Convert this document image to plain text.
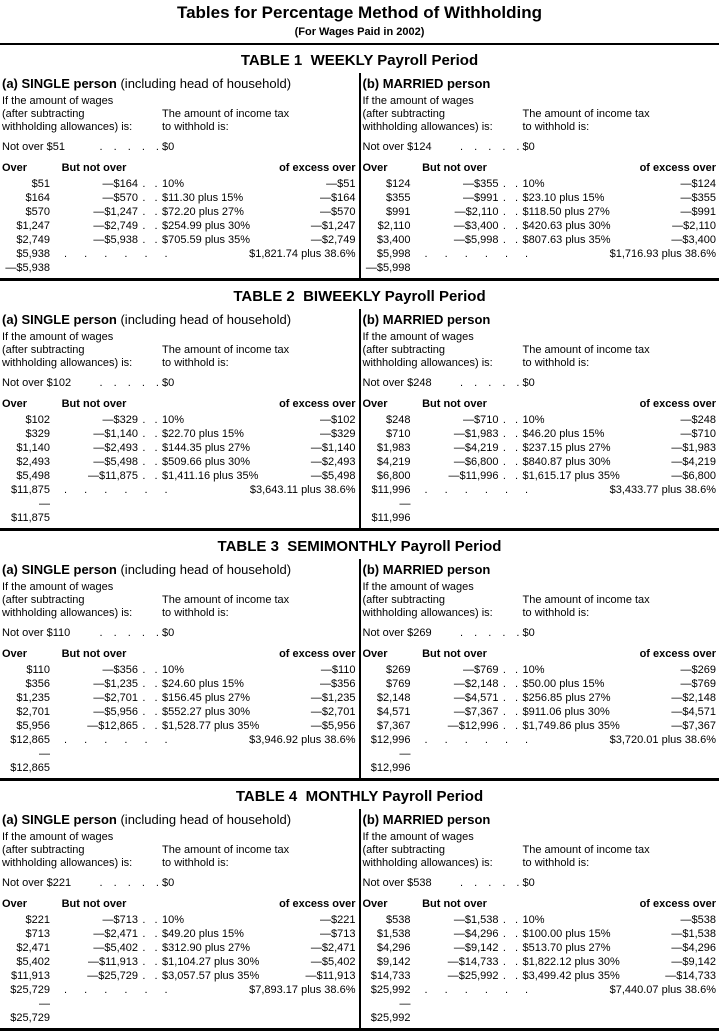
Tables for Percentage Method of Withholding
(For Wages Paid in 2002)
TABLE 1  WEEKLY Payroll Period
(a) SINGLE person (including head of household)
If the amount of wages
(after subtracting
withholding allowances) is:
The amount of income tax
to withhold is:
Not over $51	. . . . . $0
Over	But not over	of excess over
$51	—$164 . . 10%	—$51
$164	—$570 . . $11.30 plus 15%	—$164
$570	—$1,247 . . $72.20 plus 27%	—$570
$1,247	—$2,749 . . $254.99 plus 30%	—$1,247
$2,749	—$5,938 . . $705.59 plus 35%	—$2,749
$5,938	. . . . . .	$1,821.74 plus 38.6%
—$5,938
(b) MARRIED person
If the amount of wages
(after subtracting
withholding allowances) is:
The amount of income tax
to withhold is:
Not over $124	. . . . . $0
Over	But not over	of excess over
$124	—$355 . . 10%	—$124
$355	—$991 . . $23.10 plus 15%	—$355
$991	—$2,110 . . $118.50 plus 27%	—$991
$2,110	—$3,400 . . $420.63 plus 30%	—$2,110
$3,400	—$5,998 . . $807.63 plus 35%	—$3,400
$5,998	. . . . . .	$1,716.93 plus 38.6%
—$5,998
TABLE 2  BIWEEKLY Payroll Period
(a) SINGLE person (including head of household)
If the amount of wages
(after subtracting
withholding allowances) is:
The amount of income tax
to withhold is:
Not over $102	. . . . . $0
Over	But not over	of excess over
$102	—$329 . . 10%	—$102
$329	—$1,140 . . $22.70 plus 15%	—$329
$1,140	—$2,493 . . $144.35 plus 27%	—$1,140
$2,493	—$5,498 . . $509.66 plus 30%	—$2,493
$5,498	—$11,875 . . $1,411.16 plus 35%	—$5,498
$11,875	. . . . . .	$3,643.11 plus 38.6%
—$11,875
(b) MARRIED person
If the amount of wages
(after subtracting
withholding allowances) is:
The amount of income tax
to withhold is:
Not over $248	. . . . . $0
Over	But not over	of excess over
$248	—$710 . . 10%	—$248
$710	—$1,983 . . $46.20 plus 15%	—$710
$1,983	—$4,219 . . $237.15 plus 27%	—$1,983
$4,219	—$6,800 . . $840.87 plus 30%	—$4,219
$6,800	—$11,996 . . $1,615.17 plus 35%	—$6,800
$11,996	. . . . . .	$3,433.77 plus 38.6%
—$11,996
TABLE 3  SEMIMONTHLY Payroll Period
(a) SINGLE person (including head of household)
If the amount of wages
(after subtracting
withholding allowances) is:
The amount of income tax
to withhold is:
Not over $110	. . . . . $0
Over	But not over	of excess over
$110	—$356 . . 10%	—$110
$356	—$1,235 . . $24.60 plus 15%	—$356
$1,235	—$2,701 . . $156.45 plus 27%	—$1,235
$2,701	—$5,956 . . $552.27 plus 30%	—$2,701
$5,956	—$12,865 . . $1,528.77 plus 35%	—$5,956
$12,865	. . . . . .	$3,946.92 plus 38.6%
—$12,865
(b) MARRIED person
If the amount of wages
(after subtracting
withholding allowances) is:
The amount of income tax
to withhold is:
Not over $269	. . . . . $0
Over	But not over	of excess over
$269	—$769 . . 10%	—$269
$769	—$2,148 . . $50.00 plus 15%	—$769
$2,148	—$4,571 . . $256.85 plus 27%	—$2,148
$4,571	—$7,367 . . $911.06 plus 30%	—$4,571
$7,367	—$12,996 . . $1,749.86 plus 35%	—$7,367
$12,996	. . . . . .	$3,720.01 plus 38.6%
—$12,996
TABLE 4  MONTHLY Payroll Period
(a) SINGLE person (including head of household)
If the amount of wages
(after subtracting
withholding allowances) is:
The amount of income tax
to withhold is:
Not over $221	. . . . . $0
Over	But not over	of excess over
$221	—$713 . . 10%	—$221
$713	—$2,471 . . $49.20 plus 15%	—$713
$2,471	—$5,402 . . $312.90 plus 27%	—$2,471
$5,402	—$11,913 . . $1,104.27 plus 30%	—$5,402
$11,913	—$25,729 . . $3,057.57 plus 35%	—$11,913
$25,729	. . . . . .	$7,893.17 plus 38.6%
—$25,729
(b) MARRIED person
If the amount of wages
(after subtracting
withholding allowances) is:
The amount of income tax
to withhold is:
Not over $538	. . . . . $0
Over	But not over	of excess over
$538	—$1,538 . . 10%	—$538
$1,538	—$4,296 . . $100.00 plus 15%	—$1,538
$4,296	—$9,142 . . $513.70 plus 27%	—$4,296
$9,142	—$14,733 . . $1,822.12 plus 30%	—$9,142
$14,733	—$25,992 . . $3,499.42 plus 35%	—$14,733
$25,992	. . . . . .	$7,440.07 plus 38.6%
—$25,992
